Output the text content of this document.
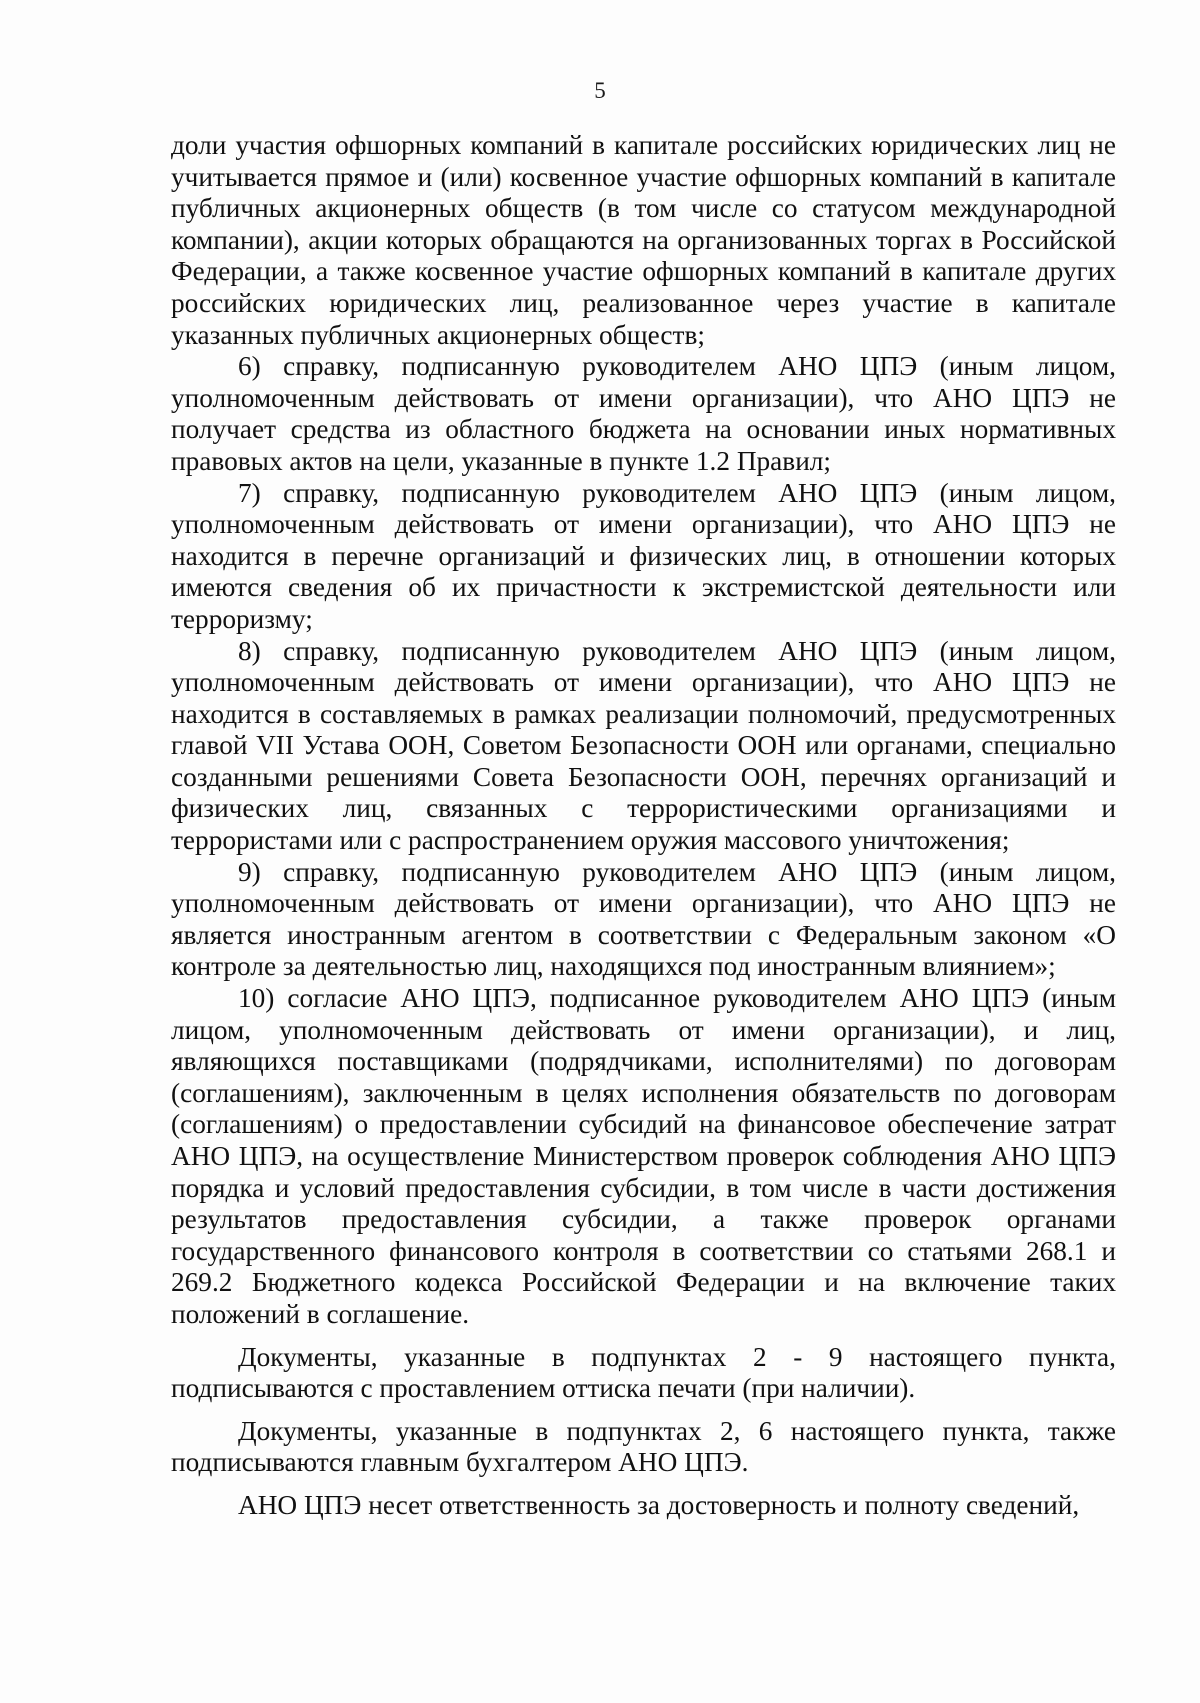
5

доли участия офшорных компаний в капитале российских юридических лиц не учитывается прямое и (или) косвенное участие офшорных компаний в капитале публичных акционерных обществ (в том числе со статусом международной компании), акции которых обращаются на организованных торгах в Российской Федерации, а также косвенное участие офшорных компаний в капитале других российских юридических лиц, реализованное через участие в капитале указанных публичных акционерных обществ;

6) справку, подписанную руководителем АНО ЦПЭ (иным лицом, уполномоченным действовать от имени организации), что АНО ЦПЭ не получает средства из областного бюджета на основании иных нормативных правовых актов на цели, указанные в пункте 1.2 Правил;

7) справку, подписанную руководителем АНО ЦПЭ (иным лицом, уполномоченным действовать от имени организации), что АНО ЦПЭ не находится в перечне организаций и физических лиц, в отношении которых имеются сведения об их причастности к экстремистской деятельности или терроризму;

8) справку, подписанную руководителем АНО ЦПЭ (иным лицом, уполномоченным действовать от имени организации), что АНО ЦПЭ не находится в составляемых в рамках реализации полномочий, предусмотренных главой VII Устава ООН, Советом Безопасности ООН или органами, специально созданными решениями Совета Безопасности ООН, перечнях организаций и физических лиц, связанных с террористическими организациями и террористами или с распространением оружия массового уничтожения;

9) справку, подписанную руководителем АНО ЦПЭ (иным лицом, уполномоченным действовать от имени организации), что АНО ЦПЭ не является иностранным агентом в соответствии с Федеральным законом «О контроле за деятельностью лиц, находящихся под иностранным влиянием»;

10) согласие АНО ЦПЭ, подписанное руководителем АНО ЦПЭ (иным лицом, уполномоченным действовать от имени организации), и лиц, являющихся поставщиками (подрядчиками, исполнителями) по договорам (соглашениям), заключенным в целях исполнения обязательств по договорам (соглашениям) о предоставлении субсидий на финансовое обеспечение затрат АНО ЦПЭ, на осуществление Министерством проверок соблюдения АНО ЦПЭ порядка и условий предоставления субсидии, в том числе в части достижения результатов предоставления субсидии, а также проверок органами государственного финансового контроля в соответствии со статьями 268.1 и 269.2 Бюджетного кодекса Российской Федерации и на включение таких положений в соглашение.

Документы, указанные в подпунктах 2 - 9 настоящего пункта, подписываются с проставлением оттиска печати (при наличии).

Документы, указанные в подпунктах 2, 6 настоящего пункта, также подписываются главным бухгалтером АНО ЦПЭ.

АНО ЦПЭ несет ответственность за достоверность и полноту сведений,
